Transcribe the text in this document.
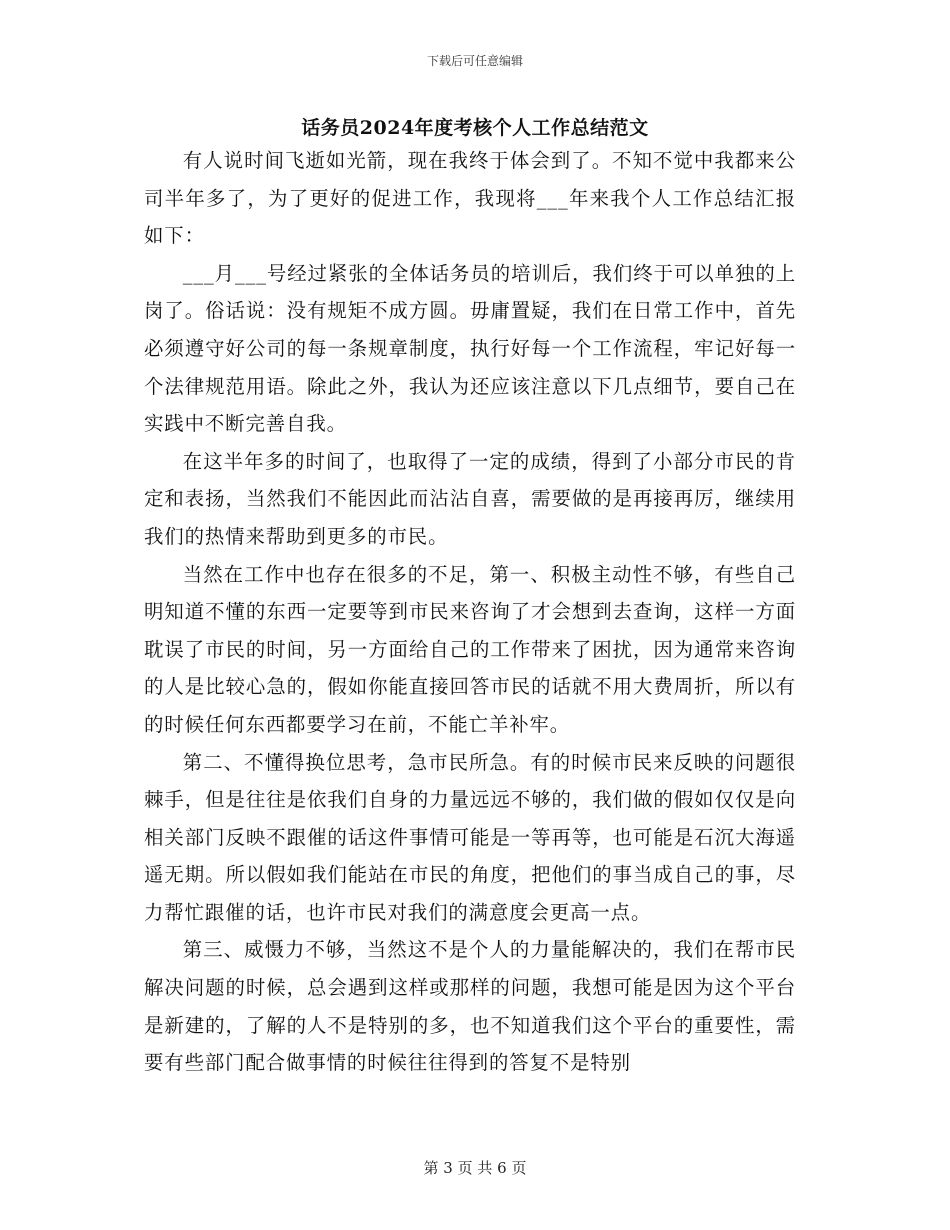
下载后可任意编辑
话务员2024年度考核个人工作总结范文

有人说时间飞逝如光箭，现在我终于体会到了。不知不觉中我都来公司半年多了，为了更好的促进工作，我现将___年来我个人工作总结汇报如下：

___月___号经过紧张的全体话务员的培训后，我们终于可以单独的上岗了。俗话说：没有规矩不成方圆。毋庸置疑，我们在日常工作中，首先必须遵守好公司的每一条规章制度，执行好每一个工作流程，牢记好每一个法律规范用语。除此之外，我认为还应该注意以下几点细节，要自己在实践中不断完善自我。

在这半年多的时间了，也取得了一定的成绩，得到了小部分市民的肯定和表扬，当然我们不能因此而沾沾自喜，需要做的是再接再厉，继续用我们的热情来帮助到更多的市民。

当然在工作中也存在很多的不足，第一、积极主动性不够，有些自己明知道不懂的东西一定要等到市民来咨询了才会想到去查询，这样一方面耽误了市民的时间，另一方面给自己的工作带来了困扰，因为通常来咨询的人是比较心急的，假如你能直接回答市民的话就不用大费周折，所以有的时候任何东西都要学习在前，不能亡羊补牢。

第二、不懂得换位思考，急市民所急。有的时候市民来反映的问题很棘手，但是往往是依我们自身的力量远远不够的，我们做的假如仅仅是向相关部门反映不跟催的话这件事情可能是一等再等，也可能是石沉大海遥遥无期。所以假如我们能站在市民的角度，把他们的事当成自己的事，尽力帮忙跟催的话，也许市民对我们的满意度会更高一点。

第三、威慑力不够，当然这不是个人的力量能解决的，我们在帮市民解决问题的时候，总会遇到这样或那样的问题，我想可能是因为这个平台是新建的，了解的人不是特别的多，也不知道我们这个平台的重要性，需要有些部门配合做事情的时候往往得到的答复不是特别

第 3 页 共 6 页
